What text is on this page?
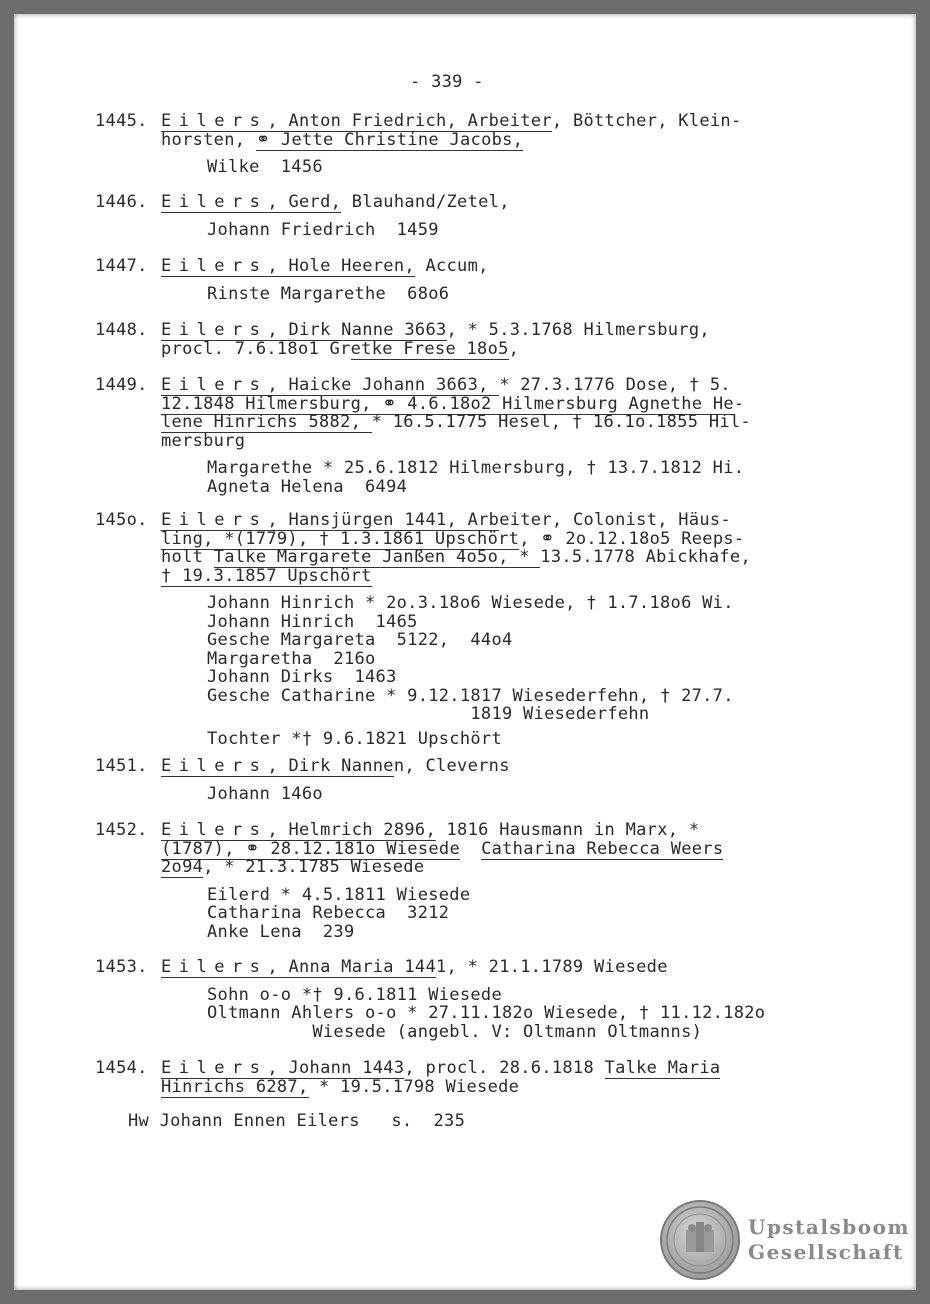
- 339 -
1445. Eilers, Anton Friedrich, Arbeiter, Böttcher, Klein-
horsten, ⚭ Jette Christine Jacobs,
Wilke  1456
1446. Eilers, Gerd, Blauhand/Zetel,
Johann Friedrich  1459
1447. Eilers, Hole Heeren, Accum,
Rinste Margarethe  68o6
1448. Eilers, Dirk Nanne 3663, * 5.3.1768 Hilmersburg,
procl. 7.6.18o1 Gretke Frese 18o5,
1449. Eilers, Haicke Johann 3663, * 27.3.1776 Dose, † 5.
12.1848 Hilmersburg, ⚭ 4.6.18o2 Hilmersburg Agnethe He-
lene Hinrichs 5882, * 16.5.1775 Hesel, † 16.1o.1855 Hil-
mersburg
Margarethe * 25.6.1812 Hilmersburg, † 13.7.1812 Hi.
Agneta Helena  6494
145o. Eilers, Hansjürgen 1441, Arbeiter, Colonist, Häus-
ling, *(1779), † 1.3.1861 Upschört, ⚭ 2o.12.18o5 Reeps-
holt Talke Margarete Janßen 4o5o, * 13.5.1778 Abickhafe,
† 19.3.1857 Upschört
Johann Hinrich * 2o.3.18o6 Wiesede, † 1.7.18o6 Wi.
Johann Hinrich  1465
Gesche Margareta  5122,  44o4
Margaretha  216o
Johann Dirks  1463
Gesche Catharine * 9.12.1817 Wiesederfehn, † 27.7.
1819 Wiesederfehn
Tochter *† 9.6.1821 Upschört
1451. Eilers, Dirk Nannen, Cleverns
Johann 146o
1452. Eilers, Helmrich 2896, 1816 Hausmann in Marx, *
(1787), ⚭ 28.12.181o Wiesede Catharina Rebecca Weers
2o94, * 21.3.1785 Wiesede
Eilerd * 4.5.1811 Wiesede
Catharina Rebecca  3212
Anke Lena  239
1453. Eilers, Anna Maria 1441, * 21.1.1789 Wiesede
Sohn o-o *† 9.6.1811 Wiesede
Oltmann Ahlers o-o * 27.11.182o Wiesede, † 11.12.182o
Wiesede (angebl. V: Oltmann Oltmanns)
1454. Eilers, Johann 1443, procl. 28.6.1818 Talke Maria
Hinrichs 6287, * 19.5.1798 Wiesede
Hw Johann Ennen Eilers   s.  235
Upstalsboom
Gesellschaft
